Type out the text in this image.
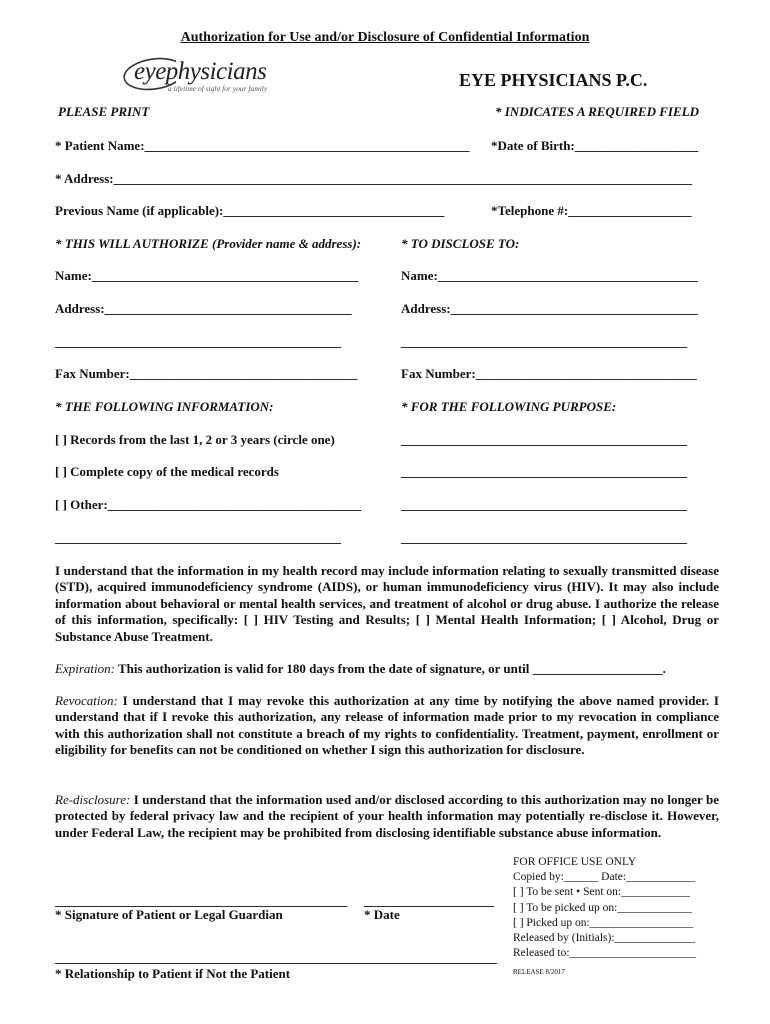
Authorization for Use and/or Disclosure of Confidential Information
eyephysicians
a lifetime of sight for your family	EYE PHYSICIANS P.C.
PLEASE PRINT	* INDICATES A REQUIRED FIELD
* Patient Name:__________________________________________________ *Date of Birth:___________________
* Address:_________________________________________________________________________________________
Previous Name (if applicable):__________________________________	*Telephone #:___________________
* THIS WILL AUTHORIZE (Provider name & address):	* TO DISCLOSE TO:
Name:_________________________________________	Name:________________________________________
Address:______________________________________	Address:______________________________________
____________________________________________	____________________________________________
Fax Number:___________________________________	Fax Number:__________________________________
* THE FOLLOWING INFORMATION:	* FOR THE FOLLOWING PURPOSE:
[ ] Records from the last 1, 2 or 3 years (circle one)	____________________________________________
[ ] Complete copy of the medical records	____________________________________________
[ ] Other:_______________________________________	____________________________________________
____________________________________________	____________________________________________
I understand that the information in my health record may include information relating to sexually transmitted disease (STD), acquired immunodeficiency syndrome (AIDS), or human immunodeficiency virus (HIV). It may also include information about behavioral or mental health services, and treatment of alcohol or drug abuse. I authorize the release of this information, specifically: [ ] HIV Testing and Results; [ ] Mental Health Information; [ ] Alcohol, Drug or Substance Abuse Treatment.
Expiration: This authorization is valid for 180 days from the date of signature, or until ____________________.
Revocation: I understand that I may revoke this authorization at any time by notifying the above named provider. I understand that if I revoke this authorization, any release of information made prior to my revocation in compliance with this authorization shall not constitute a breach of my rights to confidentiality. Treatment, payment, enrollment or eligibility for benefits can not be conditioned on whether I sign this authorization for disclosure.
Re-disclosure: I understand that the information used and/or disclosed according to this authorization may no longer be protected by federal privacy law and the recipient of your health information may potentially re-disclose it. However, under Federal Law, the recipient may be prohibited from disclosing identifiable substance abuse information.
_____________________________________________
* Signature of Patient or Legal Guardian
____________________
* Date
____________________________________________________________________
* Relationship to Patient if Not the Patient
FOR OFFICE USE ONLY
Copied by:______ Date:____________
[ ] To be sent • Sent on:____________
[ ] To be picked up on:_____________
[ ] Picked up on:__________________
Released by (Initials):______________
Released to:______________________
RELEASE 8/2017
